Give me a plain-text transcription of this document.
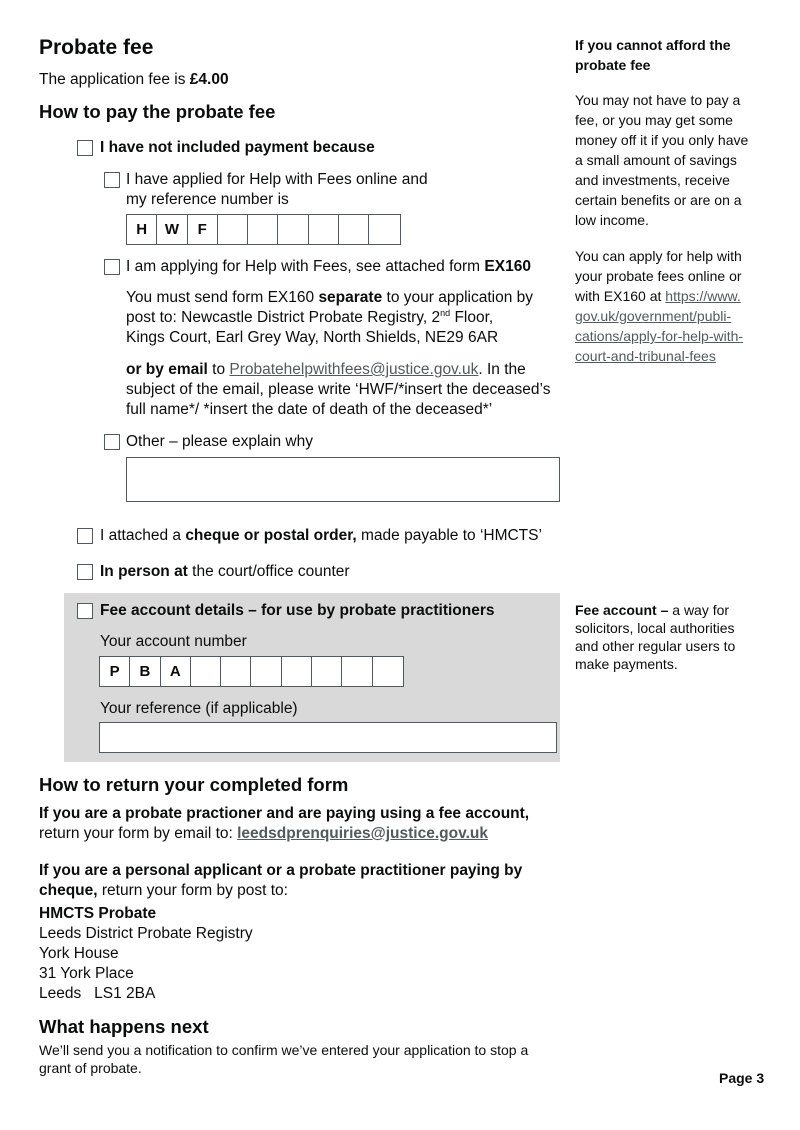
Probate fee
The application fee is £4.00
How to pay the probate fee
I have not included payment because
I have applied for Help with Fees online and
my reference number is
H	W	F
I am applying for Help with Fees, see attached form EX160
You must send form EX160 separate to your application by
post to: Newcastle District Probate Registry, 2nd Floor,
Kings Court, Earl Grey Way, North Shields, NE29 6AR
or by email to Probatehelpwithfees@justice.gov.uk. In the
subject of the email, please write ‘HWF/*insert the deceased’s
full name*/ *insert the date of death of the deceased*’
Other – please explain why
I attached a cheque or postal order, made payable to ‘HMCTS’
In person at the court/office counter
Fee account details – for use by probate practitioners
Your account number
P	B	A
Your reference (if applicable)
How to return your completed form
If you are a probate practioner and are paying using a fee account,
return your form by email to: leedsdprenquiries@justice.gov.uk
If you are a personal applicant or a probate practitioner paying by
cheque, return your form by post to:
HMCTS Probate
Leeds District Probate Registry
York House
31 York Place
Leeds   LS1 2BA
What happens next
We’ll send you a notification to confirm we’ve entered your application to stop a
grant of probate.
If you cannot afford the
probate fee
You may not have to pay a
fee, or you may get some
money off it if you only have
a small amount of savings
and investments, receive
certain benefits or are on a
low income.
You can apply for help with
your probate fees online or
with EX160 at https://www.
gov.uk/government/publi-
cations/apply-for-help-with-
court-and-tribunal-fees
Fee account – a way for
solicitors, local authorities
and other regular users to
make payments.
Page 3
